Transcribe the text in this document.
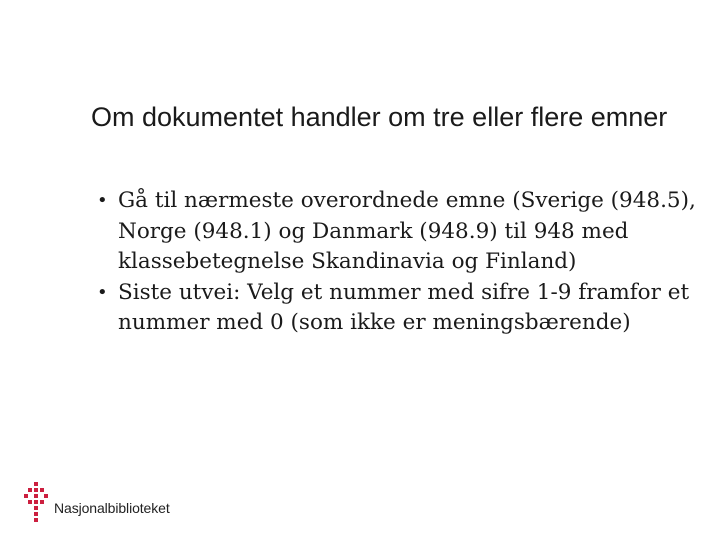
Om dokumentet handler om tre eller flere emner
• Gå til nærmeste overordnede emne (Sverige (948.5), Norge (948.1) og Danmark (948.9) til 948 med klassebetegnelse Skandinavia og Finland)
• Siste utvei: Velg et nummer med sifre 1-9 framfor et nummer med 0 (som ikke er meningsbærende)
Nasjonalbiblioteket
